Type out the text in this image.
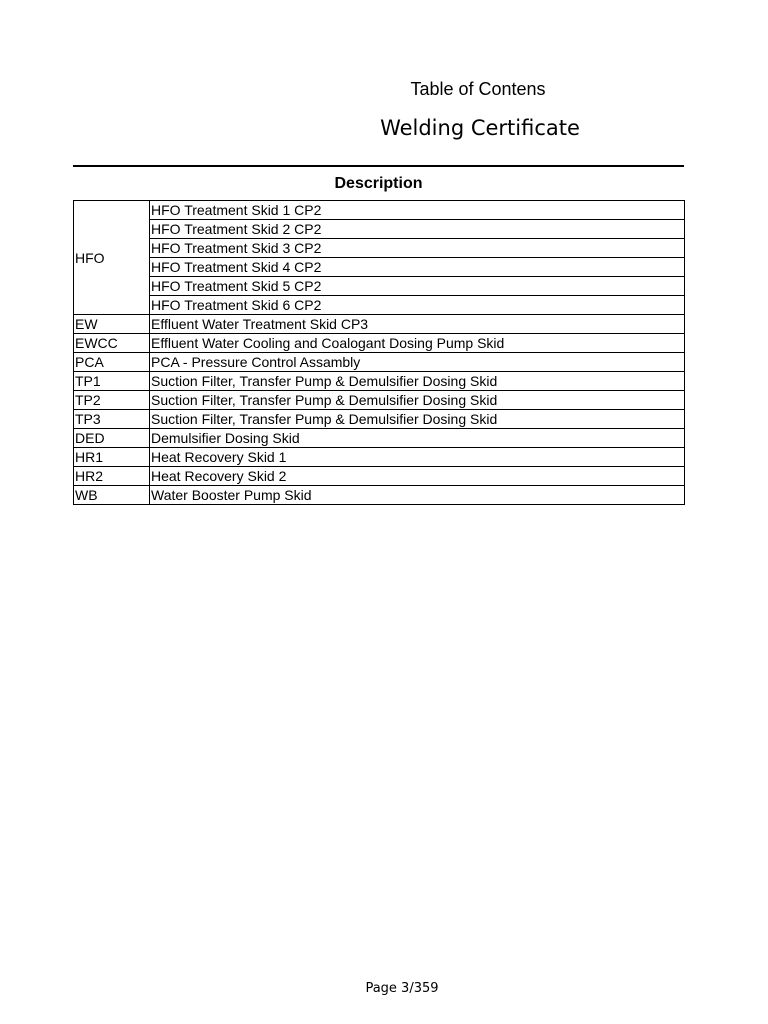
Table of Contens
Welding Certificate
Description
HFO	HFO Treatment Skid 1 CP2
	HFO Treatment Skid 2 CP2
	HFO Treatment Skid 3 CP2
	HFO Treatment Skid 4 CP2
	HFO Treatment Skid 5 CP2
	HFO Treatment Skid 6 CP2
EW	Effluent Water Treatment Skid CP3
EWCC	Effluent Water Cooling and Coalogant Dosing Pump Skid
PCA	PCA - Pressure Control Assambly
TP1	Suction Filter, Transfer Pump & Demulsifier Dosing Skid
TP2	Suction Filter, Transfer Pump & Demulsifier Dosing Skid
TP3	Suction Filter, Transfer Pump & Demulsifier Dosing Skid
DED	Demulsifier Dosing Skid
HR1	Heat Recovery Skid 1
HR2	Heat Recovery Skid 2
WB	Water Booster Pump Skid
Page 3/359
